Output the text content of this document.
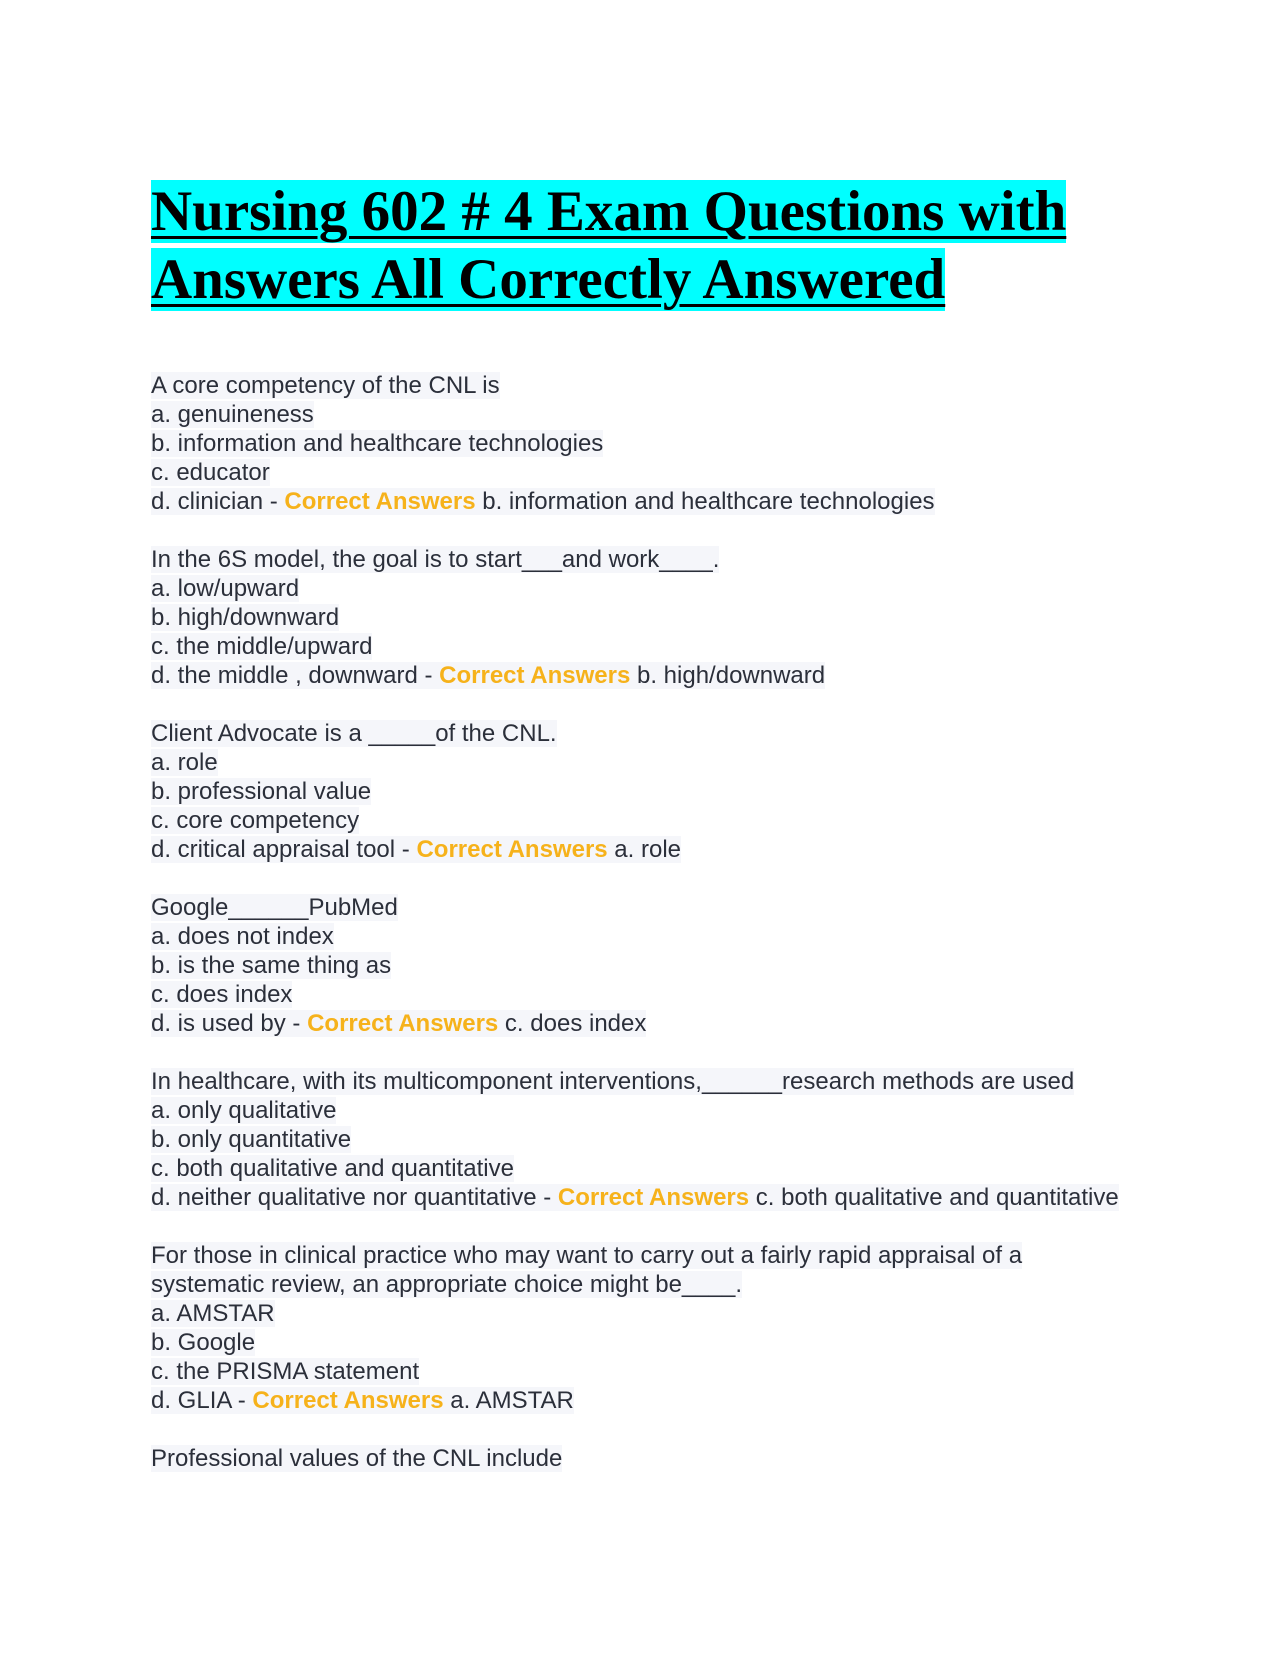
Nursing 602 # 4 Exam Questions with Answers All Correctly Answered
A core competency of the CNL is
a. genuineness
b. information and healthcare technologies
c. educator
d. clinician - Correct Answers b. information and healthcare technologies
In the 6S model, the goal is to start___and work____.
a. low/upward
b. high/downward
c. the middle/upward
d. the middle , downward - Correct Answers b. high/downward
Client Advocate is a _____of the CNL.
a. role
b. professional value
c. core competency
d. critical appraisal tool - Correct Answers a. role
Google______PubMed
a. does not index
b. is the same thing as
c. does index
d. is used by - Correct Answers c. does index
In healthcare, with its multicomponent interventions,______research methods are used
a. only qualitative
b. only quantitative
c. both qualitative and quantitative
d. neither qualitative nor quantitative - Correct Answers c. both qualitative and quantitative
For those in clinical practice who may want to carry out a fairly rapid appraisal of a systematic review, an appropriate choice might be____.
a. AMSTAR
b. Google
c. the PRISMA statement
d. GLIA - Correct Answers a. AMSTAR
Professional values of the CNL include
